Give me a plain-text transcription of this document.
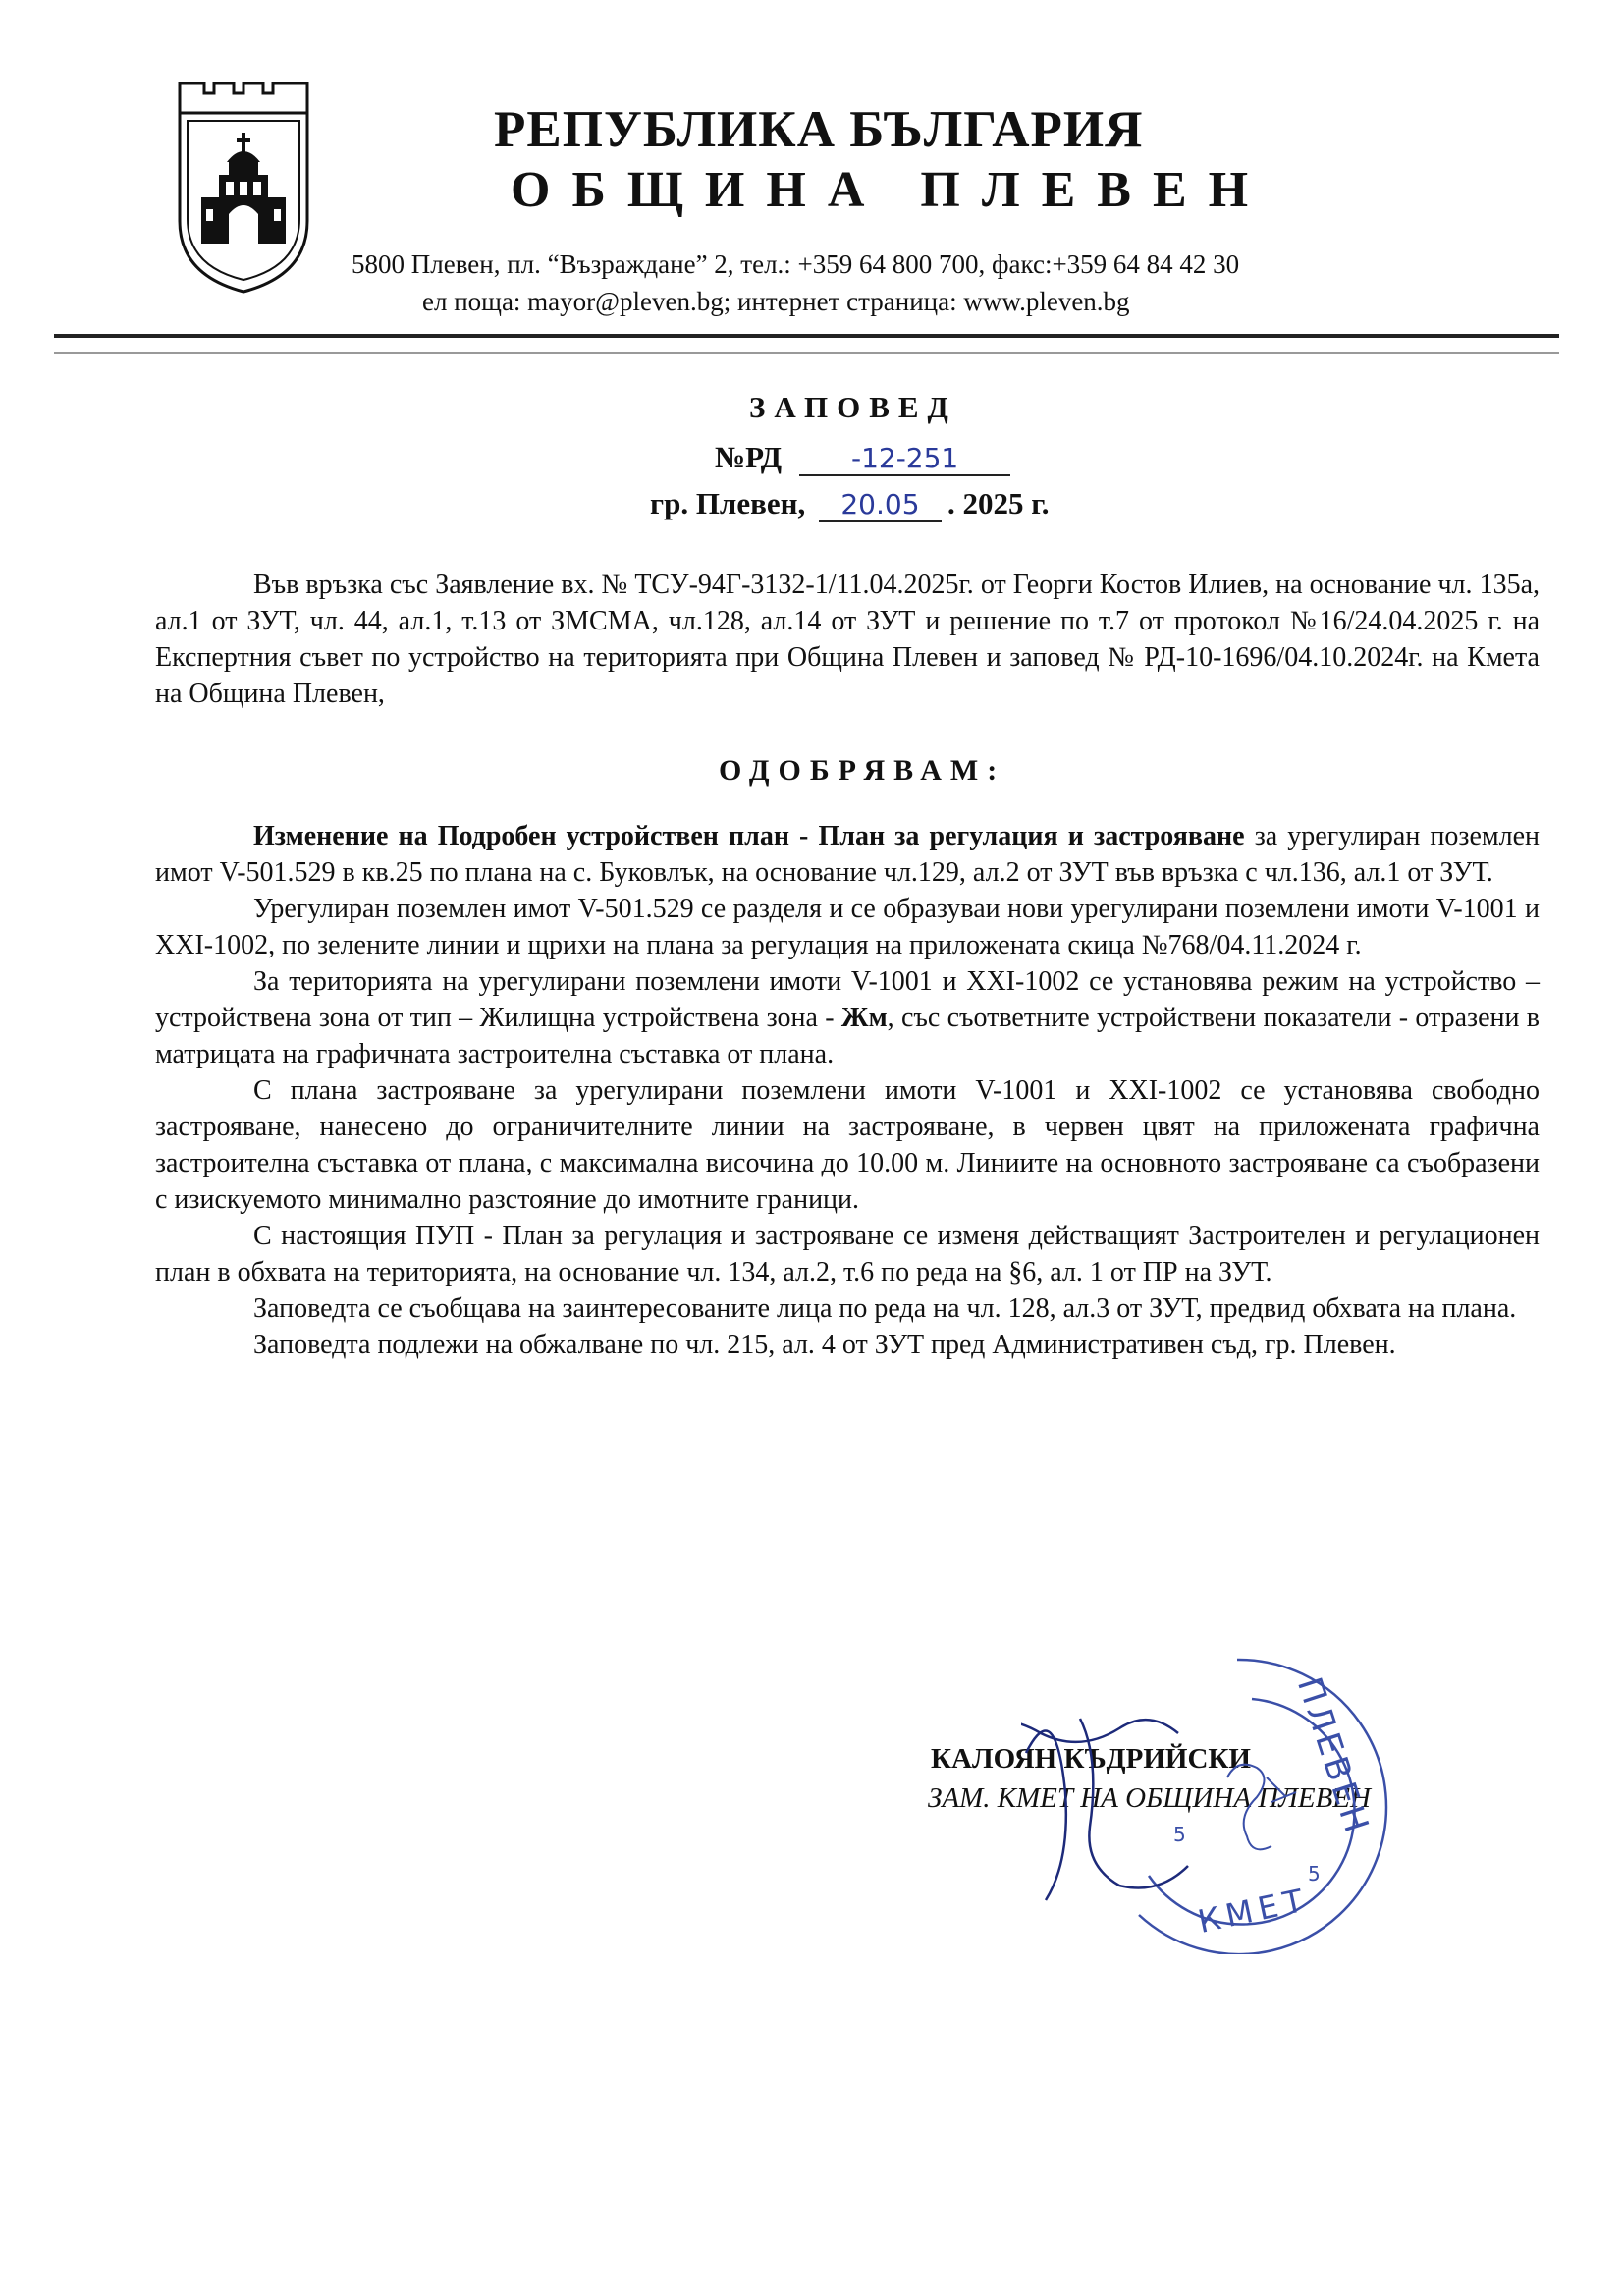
РЕПУБЛИКА БЪЛГАРИЯ
ОБЩИНА ПЛЕВЕН
5800 Плевен, пл. “Възраждане” 2, тел.: +359 64 800 700, факс:+359 64 84 42 30
ел поща: mayor@pleven.bg; интернет страница: www.pleven.bg
ЗАПОВЕД
№РД	-12-251
гр. Плевен, 20.05 . 2025 г.

Във връзка със Заявление вх. № ТСУ-94Г-3132-1/11.04.2025г. от Георги Костов Илиев, на основание чл. 135а, ал.1 от ЗУТ, чл. 44, ал.1, т.13 от ЗМСМА, чл.128, ал.14 от ЗУТ и решение по т.7 от протокол №16/24.04.2025 г. на Експертния съвет по устройство на територията при Община Плевен и заповед № РД-10-1696/04.10.2024г. на Кмета на Община Плевен,

ОДОБРЯВАМ:

Изменение на Подробен устройствен план - План за регулация и застрояване за урегулиран поземлен имот V-501.529 в кв.25 по плана на с. Буковлък, на основание чл.129, ал.2 от ЗУТ във връзка с чл.136, ал.1 от ЗУТ.

Урегулиран поземлен имот V-501.529 се разделя и се образуваи нови урегулирани поземлени имоти V-1001 и XXI-1002, по зелените линии и щрихи на плана за регулация на приложената скица №768/04.11.2024 г.

За територията на урегулирани поземлени имоти V-1001 и XXI-1002 се установява режим на устройство – устройствена зона от тип – Жилищна устройствена зона - Жм, със съответните устройствени показатели - отразени в матрицата на графичната застроителна съставка от плана.

С плана застрояване за урегулирани поземлени имоти V-1001 и XXI-1002 се установява свободно застрояване, нанесено до ограничителните линии на застрояване, в червен цвят на приложената графична застроителна съставка от плана, с максимална височина до 10.00 м. Линиите на основното застрояване са съобразени с изискуемото минимално разстояние до имотните граници.

С настоящия ПУП - План за регулация и застрояване се изменя действащият Застроителен и регулационен план в обхвата на територията, на основание чл. 134, ал.2, т.6 по реда на §6, ал. 1 от ПР на ЗУТ.

Заповедта се съобщава на заинтересованите лица по реда на чл. 128, ал.3 от ЗУТ, предвид обхвата на плана.

Заповедта подлежи на обжалване по чл. 215, ал. 4 от ЗУТ пред Административен съд, гр. Плевен.

КАЛОЯН КЪДРИЙСКИ
ЗАМ. КМЕТ НА ОБЩИНА ПЛЕВЕН
ПЛЕВЕН
КМЕТ
5
5
